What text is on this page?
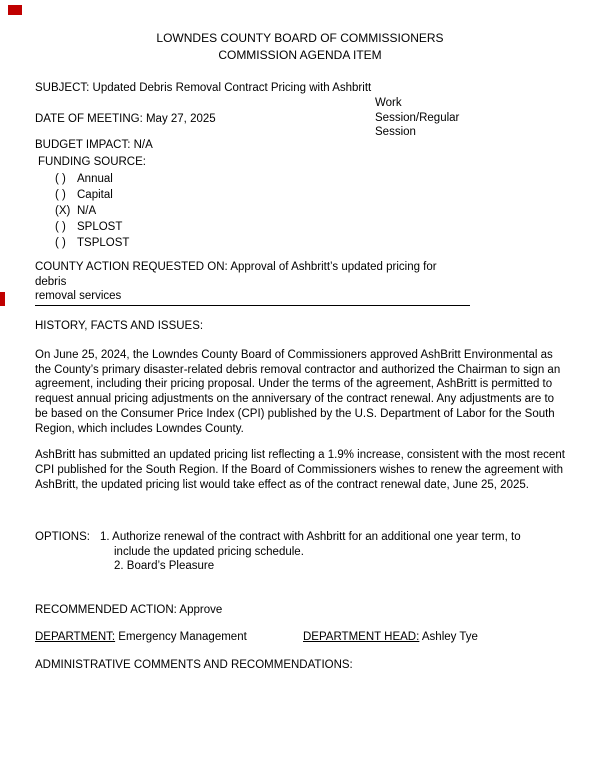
LOWNDES COUNTY BOARD OF COMMISSIONERS
COMMISSION AGENDA ITEM
Work Session/Regular Session
SUBJECT: Updated Debris Removal Contract Pricing with Ashbritt
DATE OF MEETING: May 27, 2025
BUDGET IMPACT: N/A
FUNDING SOURCE:
( ) Annual
( ) Capital
(X) N/A
( ) SPLOST
( ) TSPLOST
COUNTY ACTION REQUESTED ON: Approval of Ashbritt’s updated pricing for debris
removal services
HISTORY, FACTS AND ISSUES:
On June 25, 2024, the Lowndes County Board of Commissioners approved AshBritt Environmental as the County’s primary disaster-related debris removal contractor and authorized the Chairman to sign an agreement, including their pricing proposal. Under the terms of the agreement, AshBritt is permitted to request annual pricing adjustments on the anniversary of the contract renewal. Any adjustments are to be based on the Consumer Price Index (CPI) published by the U.S. Department of Labor for the South Region, which includes Lowndes County.
AshBritt has submitted an updated pricing list reflecting a 1.9% increase, consistent with the most recent CPI published for the South Region. If the Board of Commissioners wishes to renew the agreement with AshBritt, the updated pricing list would take effect as of the contract renewal date, June 25, 2025.
OPTIONS: 1. Authorize renewal of the contract with Ashbritt for an additional one year term, to include the updated pricing schedule.
2. Board’s Pleasure
RECOMMENDED ACTION: Approve
DEPARTMENT: Emergency Management	DEPARTMENT HEAD: Ashley Tye
ADMINISTRATIVE COMMENTS AND RECOMMENDATIONS:
